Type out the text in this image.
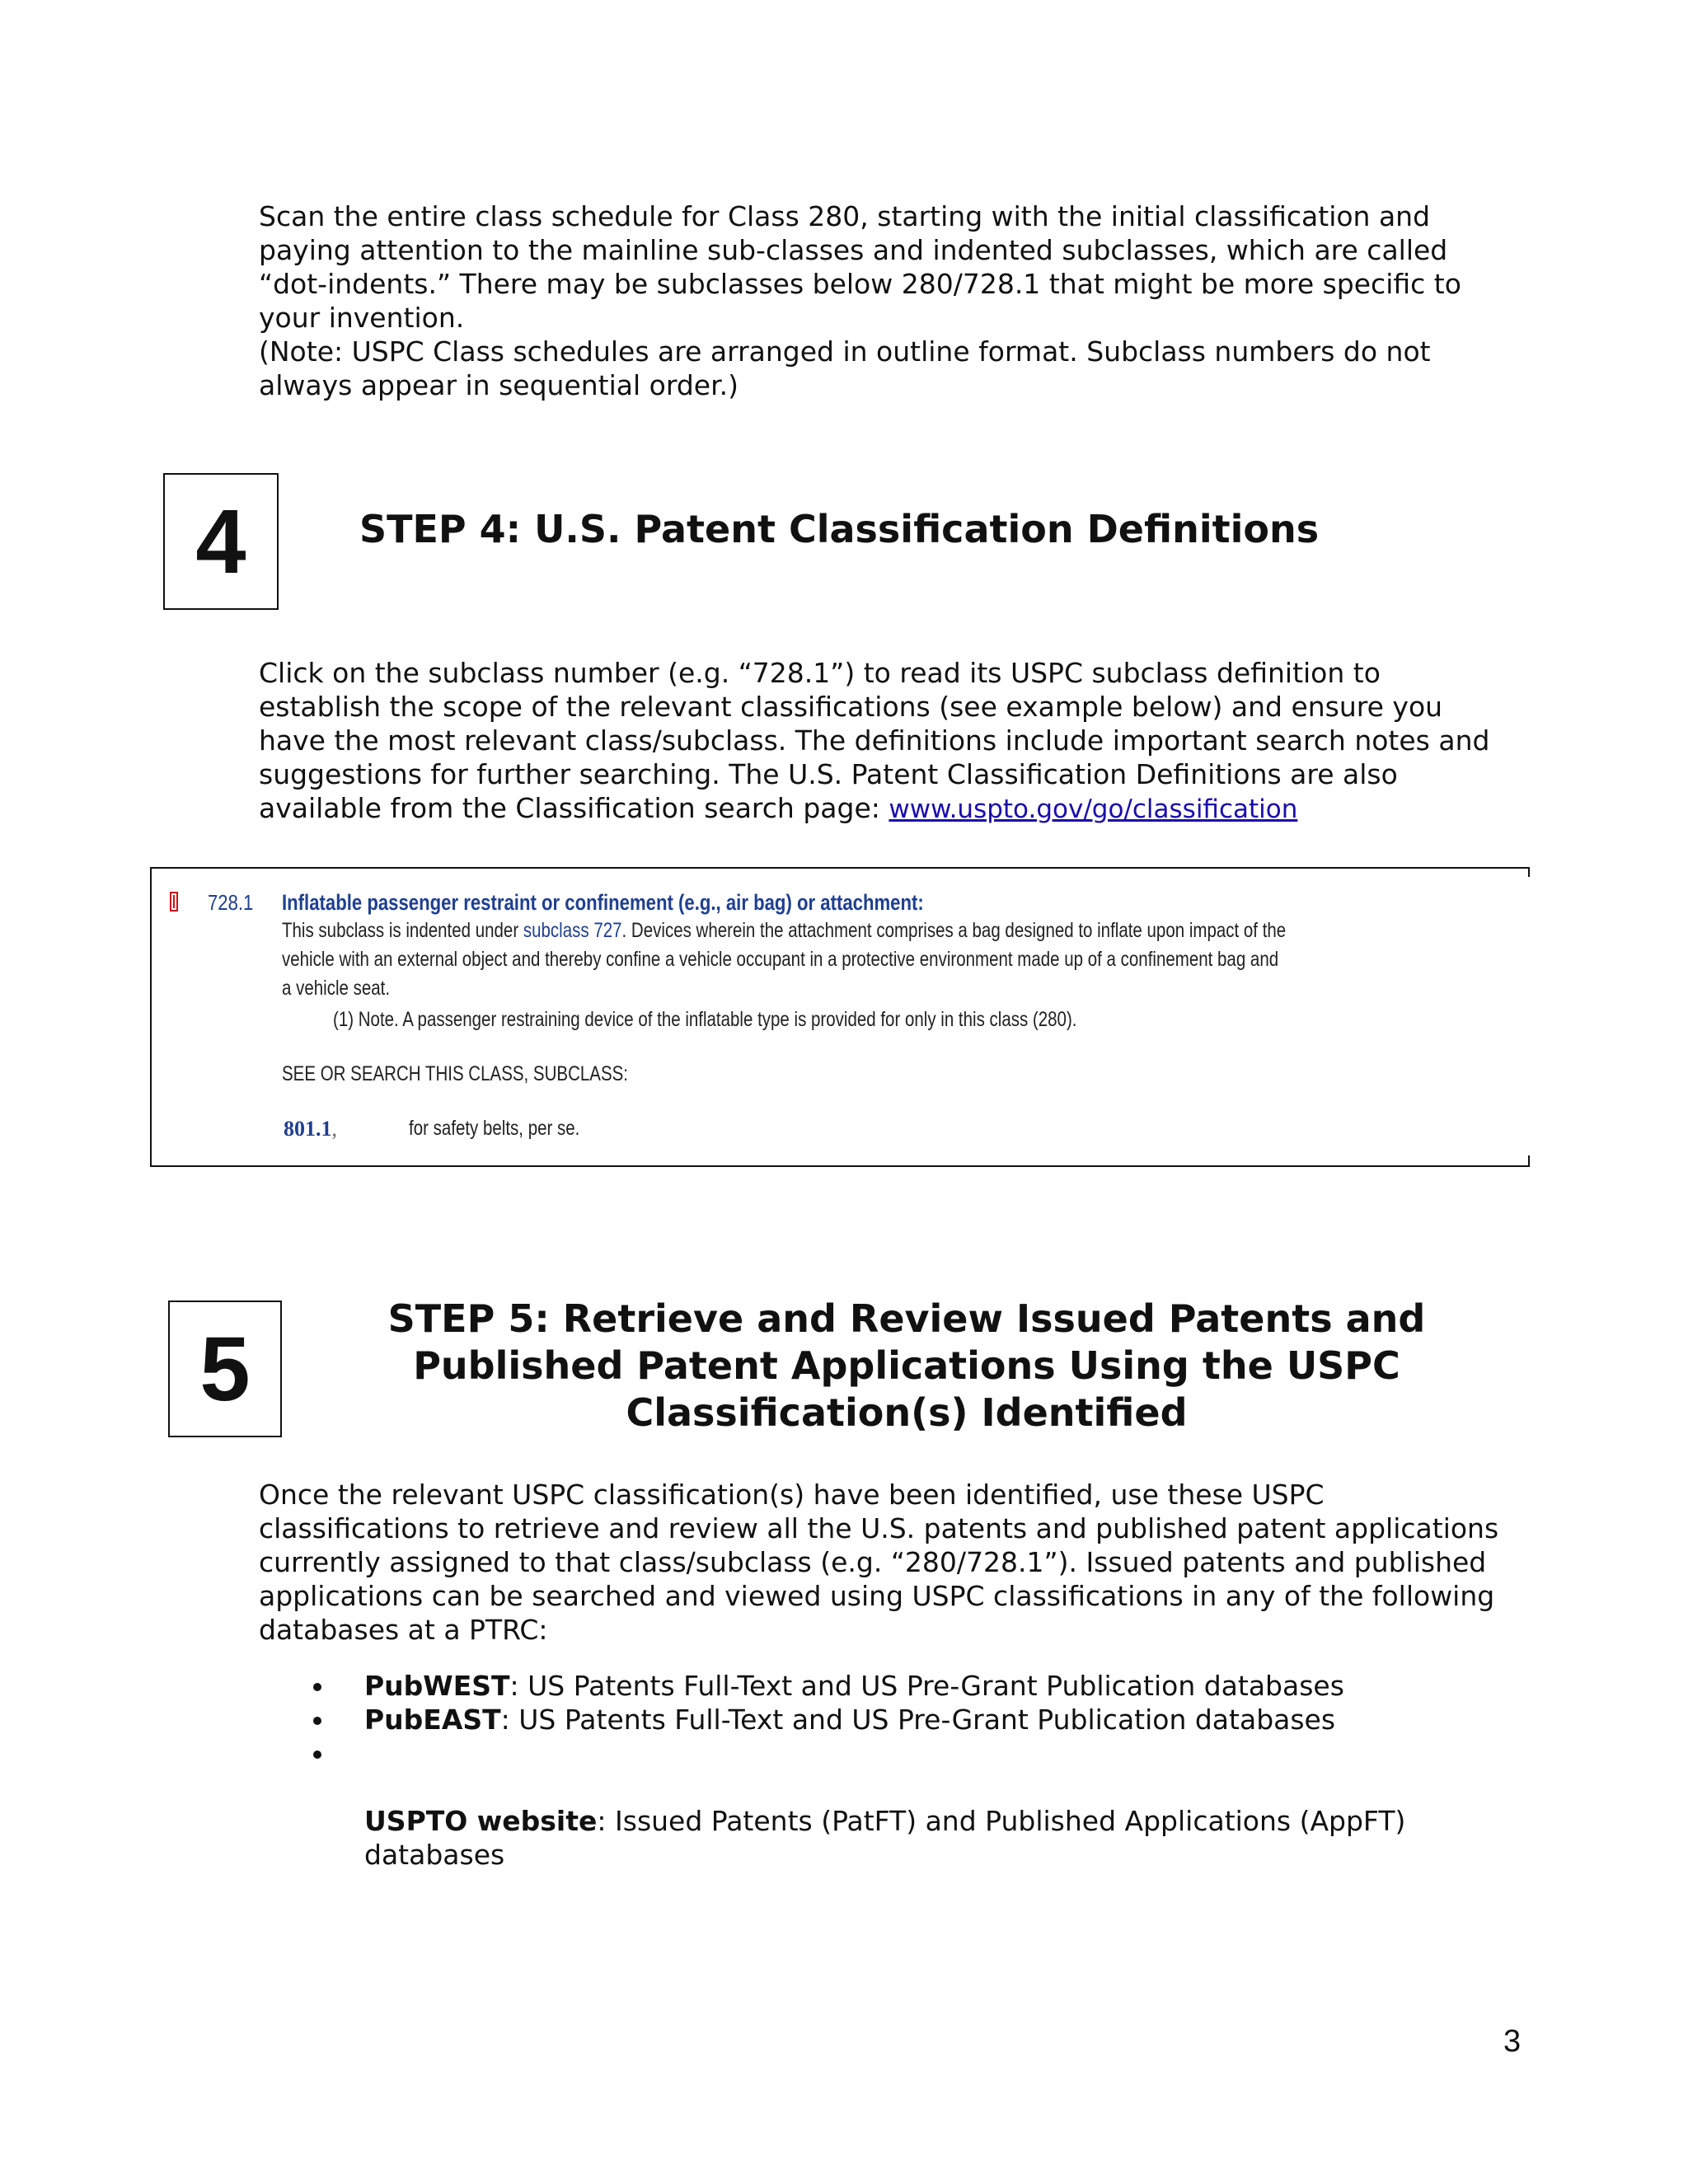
Scan the entire class schedule for Class 280, starting with the initial classification and
paying attention to the mainline sub-classes and indented subclasses, which are called
“dot-indents.” There may be subclasses below 280/728.1 that might be more specific to
your invention.
(Note: USPC Class schedules are arranged in outline format. Subclass numbers do not
always appear in sequential order.)

4	STEP 4: U.S. Patent Classification Definitions

Click on the subclass number (e.g. “728.1”) to read its USPC subclass definition to
establish the scope of the relevant classifications (see example below) and ensure you
have the most relevant class/subclass. The definitions include important search notes and
suggestions for further searching. The U.S. Patent Classification Definitions are also
available from the Classification search page: www.uspto.gov/go/classification

728.1 Inflatable passenger restraint or confinement (e.g., air bag) or attachment:

This subclass is indented under subclass 727. Devices wherein the attachment comprises a bag designed to inflate upon impact of the
vehicle with an external object and thereby confine a vehicle occupant in a protective environment made up of a confinement bag and
a vehicle seat.

(1) Note. A passenger restraining device of the inflatable type is provided for only in this class (280).
SEE OR SEARCH THIS CLASS, SUBCLASS:
801.1,	for safety belts, per se.
5	STEP 5: Retrieve and Review Issued Patents and
Published Patent Applications Using the USPC
Classification(s) Identified

Once the relevant USPC classification(s) have been identified, use these USPC
classifications to retrieve and review all the U.S. patents and published patent applications
currently assigned to that class/subclass (e.g. “280/728.1”). Issued patents and published
applications can be searched and viewed using USPC classifications in any of the following
databases at a PTRC:

PubWEST: US Patents Full-Text and US Pre-Grant Publication databases
PubEAST: US Patents Full-Text and US Pre-Grant Publication databases

USPTO website: Issued Patents (PatFT) and Published Applications (AppFT)
databases

3
